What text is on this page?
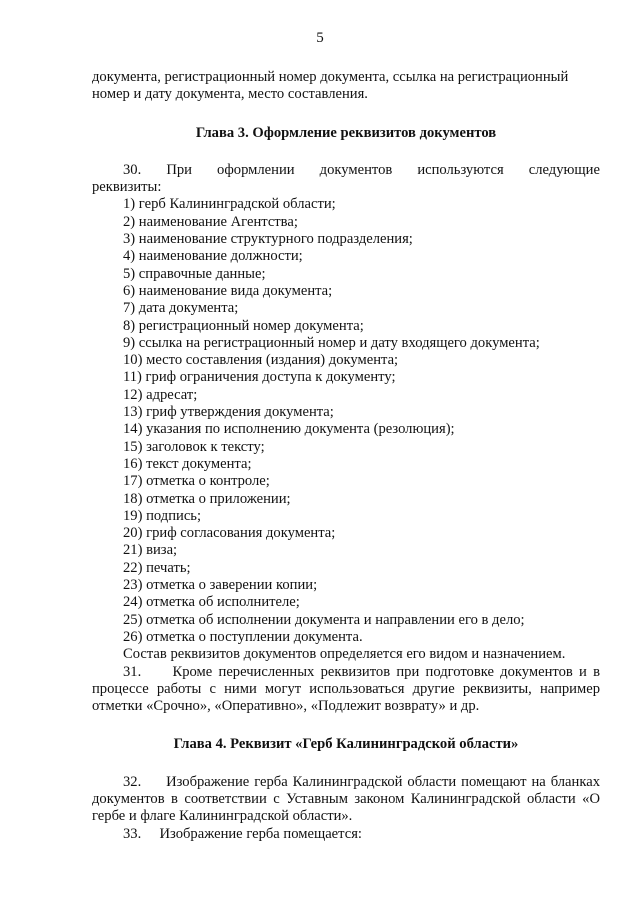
5

документа, регистрационный номер документа, ссылка на регистрационный

номер и дату документа, место составления.

Глава 3. Оформление реквизитов документов

30. При оформлении документов используются следующие

реквизиты:

1) герб Калининградской области;
2) наименование Агентства;
3) наименование структурного подразделения;
4) наименование должности;
5) справочные данные;
6) наименование вида документа;
7) дата документа;
8) регистрационный номер документа;
9) ссылка на регистрационный номер и дату входящего документа;
10) место составления (издания) документа;
11) гриф ограничения доступа к документу;
12) адресат;
13) гриф утверждения документа;
14) указания по исполнению документа (резолюция);
15) заголовок к тексту;
16) текст документа;
17) отметка о контроле;
18) отметка о приложении;
19) подпись;
20) гриф согласования документа;
21) виза;
22) печать;
23) отметка о заверении копии;
24) отметка об исполнителе;
25) отметка об исполнении документа и направлении его в дело;
26) отметка о поступлении документа.
Состав реквизитов документов определяется его видом и назначением.

31.     Кроме перечисленных реквизитов при подготовке документов и в процессе работы с ними могут использоваться другие реквизиты, например отметки «Срочно», «Оперативно», «Подлежит возврату» и др.

Глава 4. Реквизит «Герб Калининградской области»

32.     Изображение герба Калининградской области помещают на бланках документов в соответствии с Уставным законом Калининградской области «О гербе и флаге Калининградской области».

33.     Изображение герба помещается:
